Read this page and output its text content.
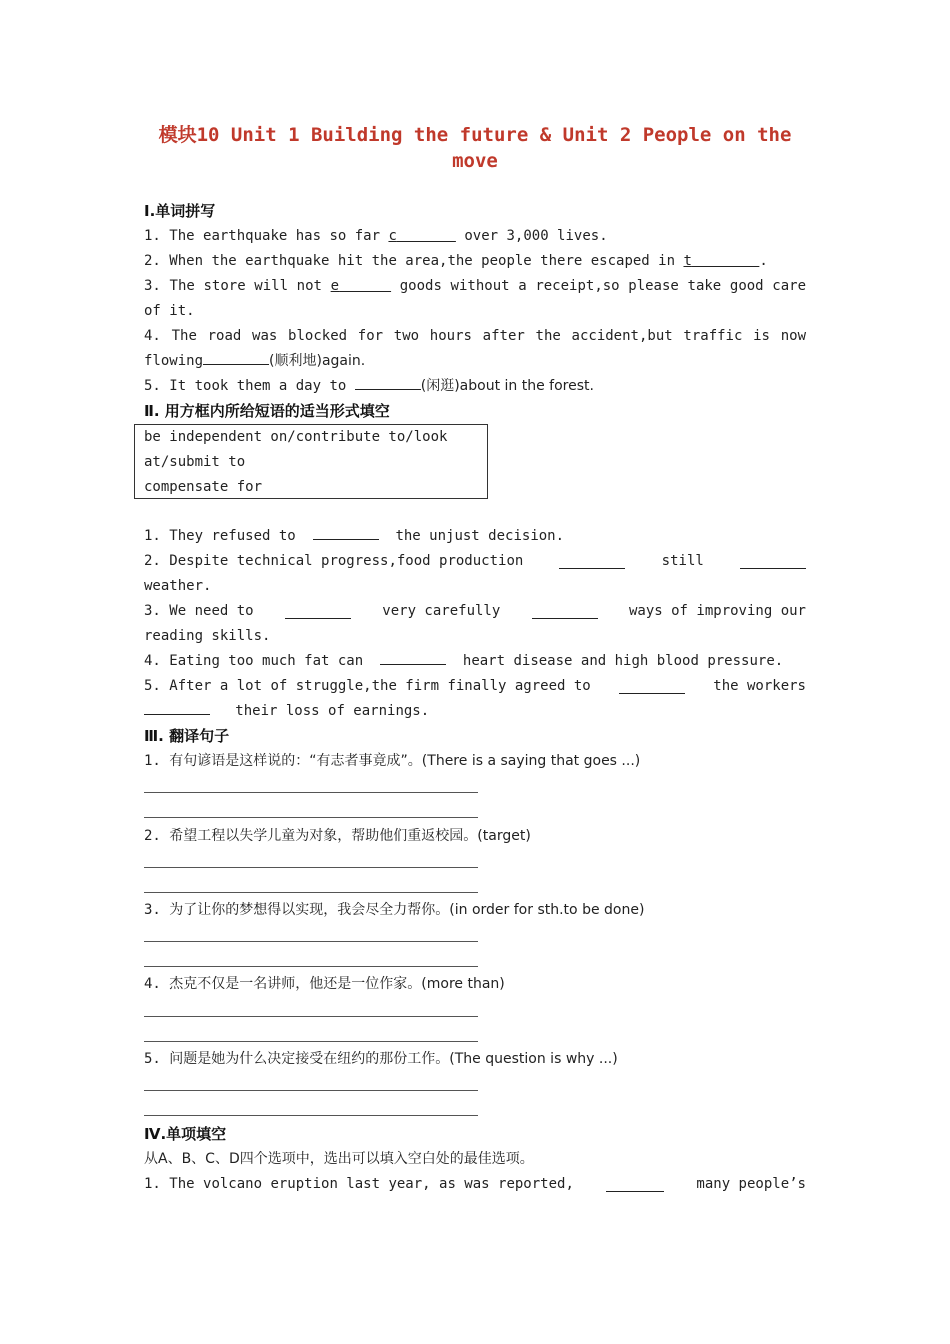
模块10 Unit 1 Building the future & Unit 2 People on the
move
Ⅰ.单词拼写
1. The earthquake has so far c	over 3,000 lives.
2. When the earthquake hit the area,the people there escaped in t	.
3. The store will not e	goods without a receipt,so please take good care
of it.
4. The road was blocked for two hours after the accident,but traffic is now
flowing	(顺利地)again.
5. It took them a day to	(闲逛)about in the forest.
Ⅱ. 用方框内所给短语的适当形式填空
be independent on/contribute to/look
at/submit to
compensate for
1. They refused to	the unjust decision.
2. Despite technical progress,food production	still
weather.
3. We need to	very carefully	ways of improving our
reading skills.
4. Eating too much fat can	heart disease and high blood pressure.
5. After a lot of struggle,the firm finally agreed to	the workers
their loss of earnings.
Ⅲ. 翻译句子
1. 有句谚语是这样说的：“有志者事竟成”。(There is a saying that goes ...)
2. 希望工程以失学儿童为对象，帮助他们重返校园。(target)
3. 为了让你的梦想得以实现，我会尽全力帮你。(in order for sth.to be done)
4. 杰克不仅是一名讲师，他还是一位作家。(more than)
5. 问题是她为什么决定接受在纽约的那份工作。(The question is why ...)
Ⅳ.单项填空
从A、B、C、D四个选项中，选出可以填入空白处的最佳选项。
1. The volcano eruption last year, as was reported,	many people’s
